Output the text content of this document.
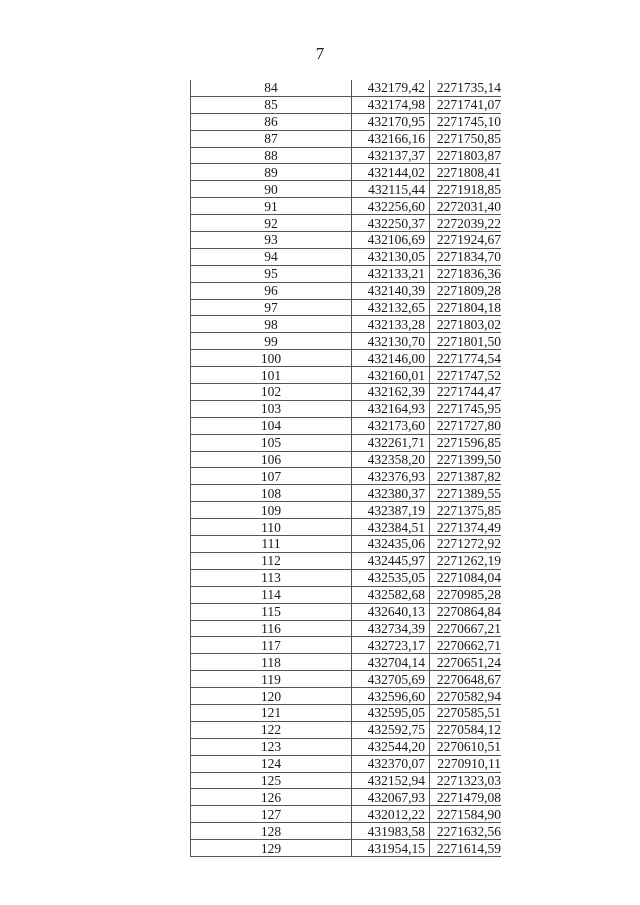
7
84	432179,42	2271735,14
85	432174,98	2271741,07
86	432170,95	2271745,10
87	432166,16	2271750,85
88	432137,37	2271803,87
89	432144,02	2271808,41
90	432115,44	2271918,85
91	432256,60	2272031,40
92	432250,37	2272039,22
93	432106,69	2271924,67
94	432130,05	2271834,70
95	432133,21	2271836,36
96	432140,39	2271809,28
97	432132,65	2271804,18
98	432133,28	2271803,02
99	432130,70	2271801,50
100	432146,00	2271774,54
101	432160,01	2271747,52
102	432162,39	2271744,47
103	432164,93	2271745,95
104	432173,60	2271727,80
105	432261,71	2271596,85
106	432358,20	2271399,50
107	432376,93	2271387,82
108	432380,37	2271389,55
109	432387,19	2271375,85
110	432384,51	2271374,49
111	432435,06	2271272,92
112	432445,97	2271262,19
113	432535,05	2271084,04
114	432582,68	2270985,28
115	432640,13	2270864,84
116	432734,39	2270667,21
117	432723,17	2270662,71
118	432704,14	2270651,24
119	432705,69	2270648,67
120	432596,60	2270582,94
121	432595,05	2270585,51
122	432592,75	2270584,12
123	432544,20	2270610,51
124	432370,07	2270910,11
125	432152,94	2271323,03
126	432067,93	2271479,08
127	432012,22	2271584,90
128	431983,58	2271632,56
129	431954,15	2271614,59
